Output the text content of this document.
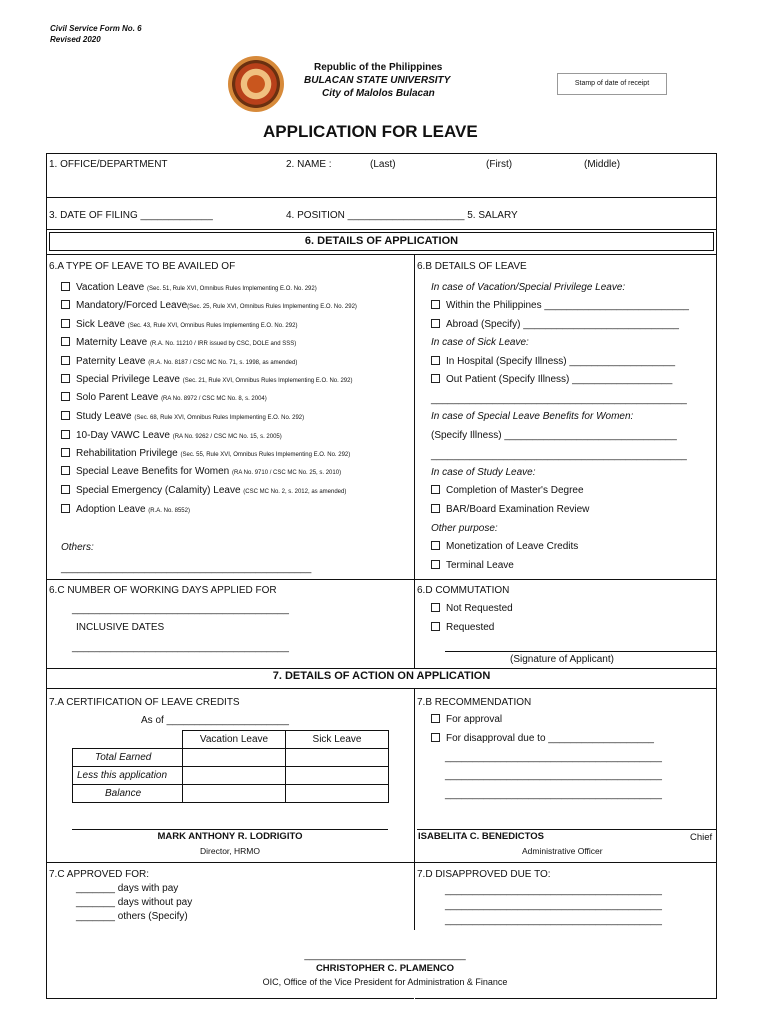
Civil Service Form No. 6
Revised 2020
Republic of the Philippines
BULACAN STATE UNIVERSITY
City of Malolos Bulacan
Stamp of date of receipt
APPLICATION FOR LEAVE
1. OFFICE/DEPARTMENT	2. NAME :	(Last)	(First)	(Middle)
3. DATE OF FILING _____________	4. POSITION _____________________ 5. SALARY
6. DETAILS OF APPLICATION
6.A TYPE OF LEAVE TO BE AVAILED OF	6.B DETAILS OF LEAVE
Vacation Leave (Sec. 51, Rule XVI, Omnibus Rules Implementing E.O. No. 292)
Mandatory/Forced Leave(Sec. 25, Rule XVI, Omnibus Rules Implementing E.O. No. 292)
Sick Leave (Sec. 43, Rule XVI, Omnibus Rules Implementing E.O. No. 292)
Maternity Leave (R.A. No. 11210 / IRR issued by CSC, DOLE and SSS)
Paternity Leave (R.A. No. 8187 / CSC MC No. 71, s. 1998, as amended)
Special Privilege Leave (Sec. 21, Rule XVI, Omnibus Rules Implementing E.O. No. 292)
Solo Parent Leave (RA No. 8972 / CSC MC No. 8, s. 2004)
Study Leave (Sec. 68, Rule XVI, Omnibus Rules Implementing E.O. No. 292)
10-Day VAWC Leave (RA No. 9262 / CSC MC No. 15, s. 2005)
Rehabilitation Privilege (Sec. 55, Rule XVI, Omnibus Rules Implementing E.O. No. 292)
Special Leave Benefits for Women (RA No. 9710 / CSC MC No. 25, s. 2010)
Special Emergency (Calamity) Leave (CSC MC No. 2, s. 2012, as amended)
Adoption Leave (R.A. No. 8552)
Others:
_____________________________________________
In case of Vacation/Special Privilege Leave:
Within the Philippines __________________________
Abroad (Specify) ____________________________
In case of Sick Leave:
In Hospital (Specify Illness) ___________________
Out Patient (Specify Illness) __________________
______________________________________________
In case of Special Leave Benefits for Women:
(Specify Illness) _______________________________
______________________________________________
In case of Study Leave:
Completion of Master's Degree
BAR/Board Examination Review
Other purpose:
Monetization of Leave Credits
Terminal Leave
6.C NUMBER OF WORKING DAYS APPLIED FOR
_______________________________________
INCLUSIVE DATES
_______________________________________
6.D COMMUTATION
Not Requested
Requested
(Signature of Applicant)
7. DETAILS OF ACTION ON APPLICATION
7.A CERTIFICATION OF LEAVE CREDITS
As of ______________________
	Vacation Leave	Sick Leave
Total Earned		
Less this application		
Balance		
MARK ANTHONY R. LODRIGITO
Director, HRMO
7.B RECOMMENDATION
For approval
For disapproval due to ___________________
_______________________________________
_______________________________________
_______________________________________
ISABELITA C. BENEDICTOS	Chief
Administrative Officer
7.C APPROVED FOR:
_______ days with pay
_______ days without pay
_______ others (Specify)
7.D DISAPPROVED DUE TO:
_______________________________________
_______________________________________
_______________________________________
_____________________________
CHRISTOPHER C. PLAMENCO
OIC, Office of the Vice President for Administration & Finance
